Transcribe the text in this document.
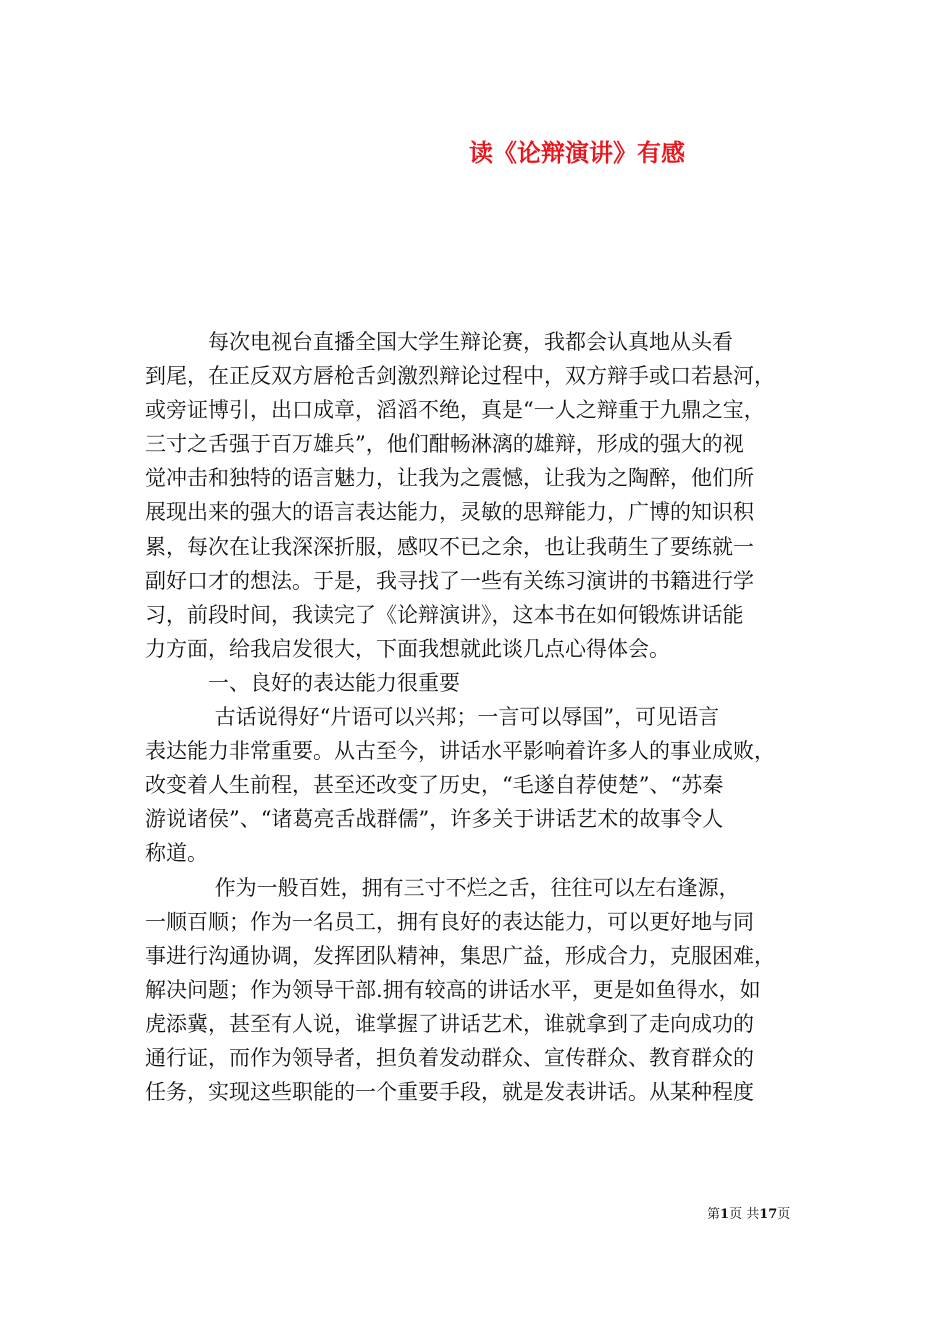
读《论辩演讲》有感
　　　每次电视台直播全国大学生辩论赛，我都会认真地从头看
到尾，在正反双方唇枪舌剑激烈辩论过程中，双方辩手或口若悬河，
或旁证博引，出口成章，滔滔不绝，真是“一人之辩重于九鼎之宝，
三寸之舌强于百万雄兵”，他们酣畅淋漓的雄辩，形成的强大的视
觉冲击和独特的语言魅力，让我为之震憾，让我为之陶醉，他们所
展现出来的强大的语言表达能力，灵敏的思辩能力，广博的知识积
累，每次在让我深深折服，感叹不已之余，也让我萌生了要练就一
副好口才的想法。于是，我寻找了一些有关练习演讲的书籍进行学
习，前段时间，我读完了《论辩演讲》，这本书在如何锻炼讲话能
力方面，给我启发很大，下面我想就此谈几点心得体会。
　　　一、良好的表达能力很重要
　　　 古话说得好“片语可以兴邦；一言可以辱国”，可见语言
表达能力非常重要。从古至今，讲话水平影响着许多人的事业成败，
改变着人生前程，甚至还改变了历史，“毛遂自荐使楚”、“苏秦
游说诸侯”、“诸葛亮舌战群儒”，许多关于讲话艺术的故事令人
称道。
　　　 作为一般百姓，拥有三寸不烂之舌，往往可以左右逢源，
一顺百顺；作为一名员工，拥有良好的表达能力，可以更好地与同
事进行沟通协调，发挥团队精神，集思广益，形成合力，克服困难，
解决问题；作为领导干部.拥有较高的讲话水平，更是如鱼得水，如
虎添冀，甚至有人说，谁掌握了讲话艺术，谁就拿到了走向成功的
通行证，而作为领导者，担负着发动群众、宣传群众、教育群众的
任务，实现这些职能的一个重要手段，就是发表讲话。从某种程度
第1页 共17页
